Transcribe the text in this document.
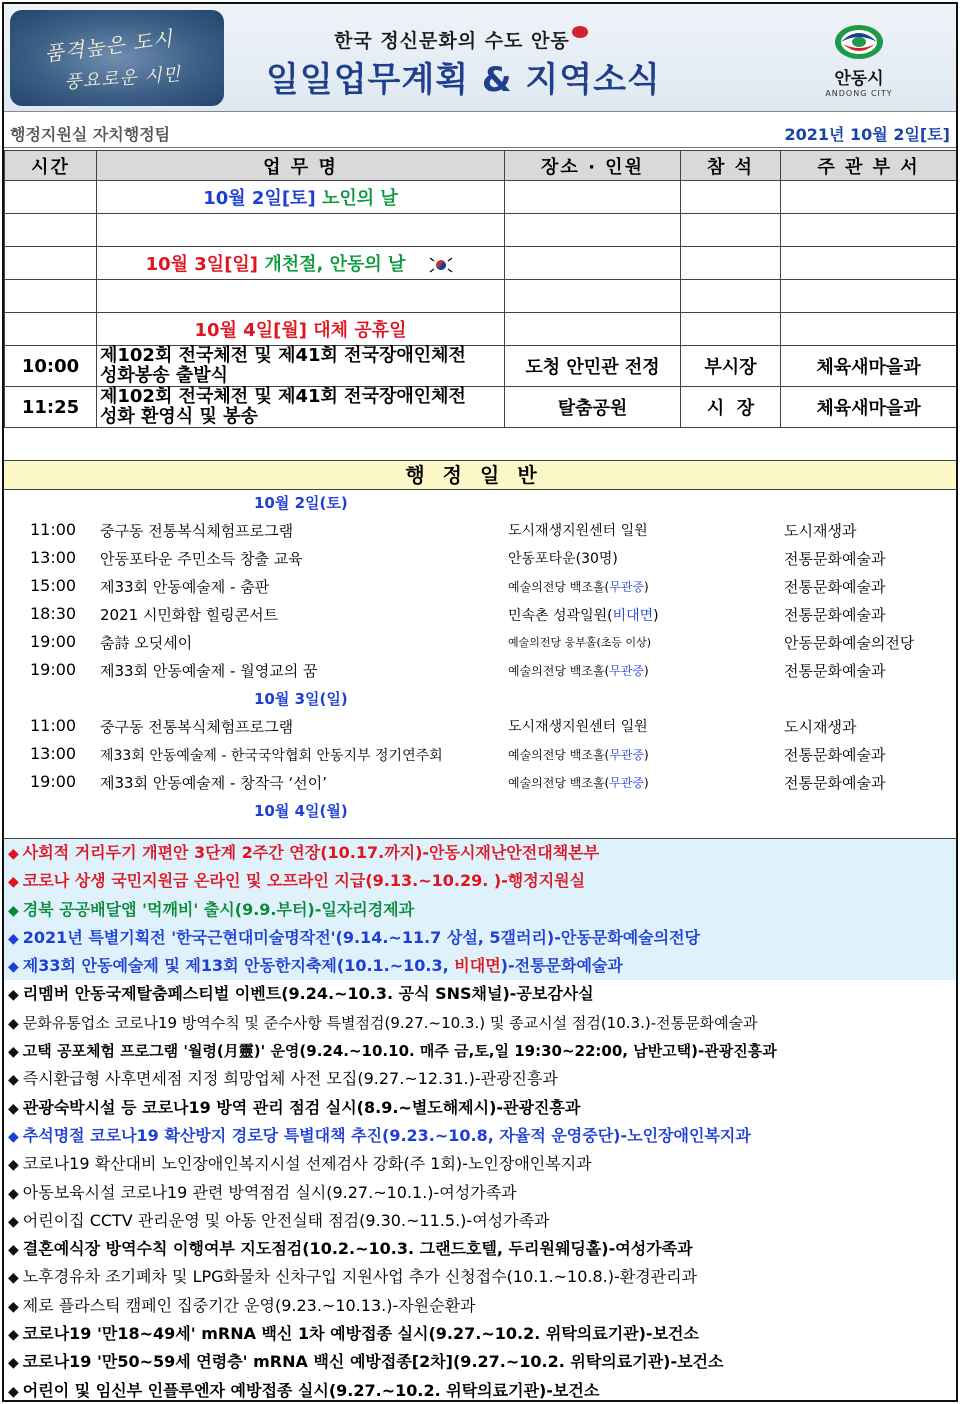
품격높은 도시
풍요로운 시민
한국 정신문화의 수도 안동
일일업무계획 & 지역소식	안동시
ANDONG CITY
행정지원실 자치행정팀	2021년 10월 2일[토]
시간	업 무 명	장소 · 인원	참 석	주 관 부 서
	10월 2일[토] 노인의 날			

	10월 3일[일] 개천절, 안동의 날			

	10월 4일[월] 대체 공휴일			
10:00	제102회 전국체전 및 제41회 전국장애인체전
성화봉송 출발식	도청 안민관 전정	부시장	체육새마을과
11:25	제102회 전국체전 및 제41회 전국장애인체전
성화 환영식 및 봉송	탈춤공원	시  장	체육새마을과
행정일반
10월 2일(토)
11:00 중구동 전통복식체험프로그램	도시재생지원센터 일원	도시재생과
13:00 안동포타운 주민소득 창출 교육	안동포타운(30명)	전통문화예술과
15:00 제33회 안동예술제 - 춤판	예술의전당 백조홀(무관중)	전통문화예술과
18:30 2021 시민화합 힐링콘서트	민속촌 성곽일원(비대면)	전통문화예술과
19:00 춤詩 오딧세이	예술의전당 웅부홀(초등 이상)	안동문화예술의전당
19:00 제33회 안동예술제 - 월영교의 꿈	예술의전당 백조홀(무관중)	전통문화예술과
10월 3일(일)
11:00 중구동 전통복식체험프로그램	도시재생지원센터 일원	도시재생과
13:00 제33회 안동예술제 - 한국국악협회 안동지부 정기연주회	예술의전당 백조홀(무관중)	전통문화예술과
19:00 제33회 안동예술제 - 창작극 ‘선이’	예술의전당 백조홀(무관중)	전통문화예술과
10월 4일(월)
◆ 사회적 거리두기 개편안 3단계 2주간 연장(10.17.까지)-안동시재난안전대책본부
◆ 코로나 상생 국민지원금 온라인 및 오프라인 지급(9.13.~10.29. )-행정지원실
◆ 경북 공공배달앱 '먹깨비' 출시(9.9.부터)-일자리경제과
◆ 2021년 특별기획전 '한국근현대미술명작전'(9.14.~11.7 상설, 5갤러리)-안동문화예술의전당
◆ 제33회 안동예술제 및 제13회 안동한지축제(10.1.~10.3, 비대면)-전통문화예술과
◆ 리멤버 안동국제탈춤페스티벌 이벤트(9.24.~10.3. 공식 SNS채널)-공보감사실
◆ 문화유통업소 코로나19 방역수칙 및 준수사항 특별점검(9.27.~10.3.) 및 종교시설 점검(10.3.)-전통문화예술과
◆ 고택 공포체험 프로그램 '월령(月靈)' 운영(9.24.~10.10. 매주 금,토,일 19:30~22:00, 남반고택)-관광진흥과
◆ 즉시환급형 사후면세점 지정 희망업체 사전 모집(9.27.~12.31.)-관광진흥과
◆ 관광숙박시설 등 코로나19 방역 관리 점검 실시(8.9.~별도해제시)-관광진흥과
◆ 추석명절 코로나19 확산방지 경로당 특별대책 추진(9.23.~10.8, 자율적 운영중단)-노인장애인복지과
◆ 코로나19 확산대비 노인장애인복지시설 선제검사 강화(주 1회)-노인장애인복지과
◆ 아동보육시설 코로나19 관련 방역점검 실시(9.27.~10.1.)-여성가족과
◆ 어린이집 CCTV 관리운영 및 아동 안전실태 점검(9.30.~11.5.)-여성가족과
◆ 결혼예식장 방역수칙 이행여부 지도점검(10.2.~10.3. 그랜드호텔, 두리원웨딩홀)-여성가족과
◆ 노후경유차 조기폐차 및 LPG화물차 신차구입 지원사업 추가 신청접수(10.1.~10.8.)-환경관리과
◆ 제로 플라스틱 캠페인 집중기간 운영(9.23.~10.13.)-자원순환과
◆ 코로나19 '만18~49세' mRNA 백신 1차 예방접종 실시(9.27.~10.2. 위탁의료기관)-보건소
◆ 코로나19 '만50~59세 연령층' mRNA 백신 예방접종[2차](9.27.~10.2. 위탁의료기관)-보건소
◆ 어린이 및 임신부 인플루엔자 예방접종 실시(9.27.~10.2. 위탁의료기관)-보건소
